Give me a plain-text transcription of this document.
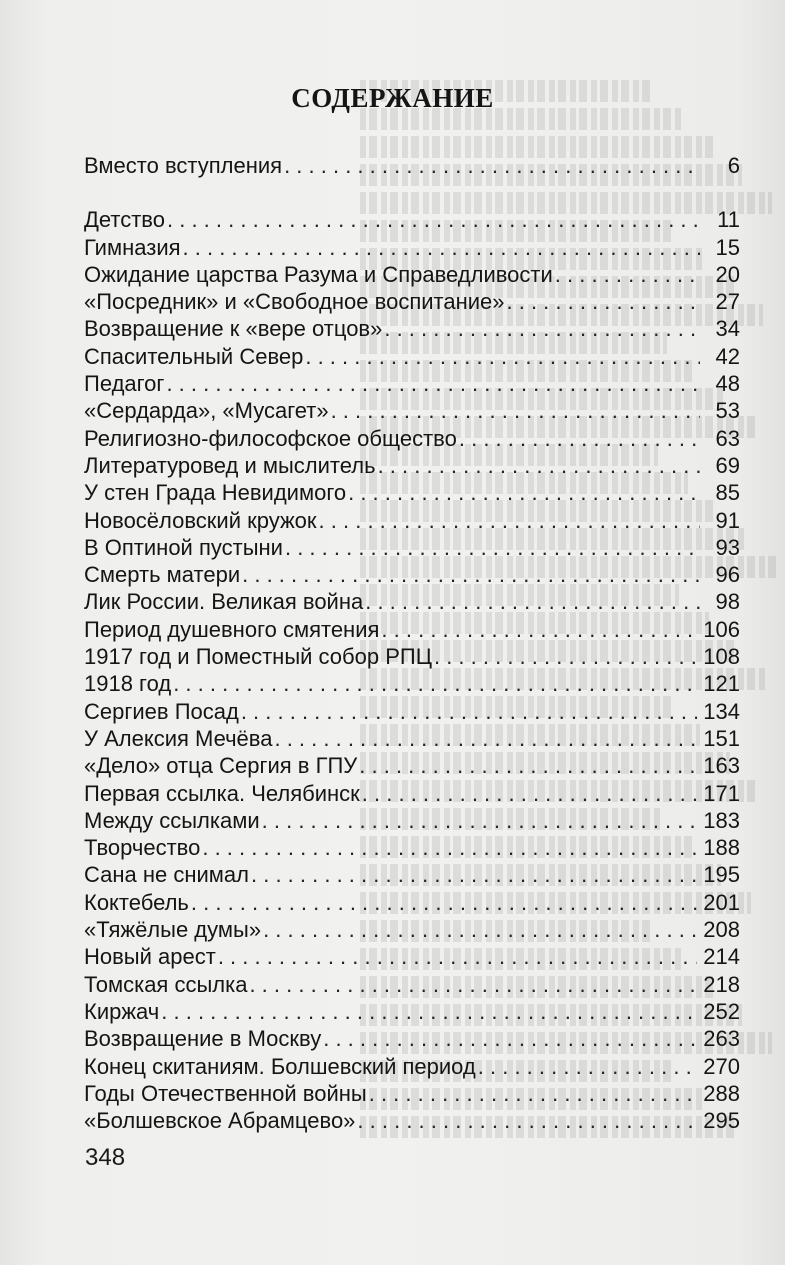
СОДЕРЖАНИЕ
Вместо вступления . . .	6
Детство . . .	11
Гимназия . . .	15
Ожидание царства Разума и Справедливости . . .	20
«Посредник» и «Свободное воспитание» . . .	27
Возвращение к «вере отцов» . . .	34
Спасительный Север . . .	42
Педагог . . .	48
«Сердарда», «Мусагет» . . .	53
Религиозно-философское общество . . .	63
Литературовед и мыслитель . . .	69
У стен Града Невидимого . . .	85
Новосёловский кружок . . .	91
В Оптиной пустыни . . .	93
Смерть матери . . .	96
Лик России. Великая война . . .	98
Период душевного смятения . . .	106
1917 год и Поместный собор РПЦ . . .	108
1918 год . . .	121
Сергиев Посад . . .	134
У Алексия Мечёва . . .	151
«Дело» отца Сергия в ГПУ . . .	163
Первая ссылка. Челябинск . . .	171
Между ссылками . . .	183
Творчество . . .	188
Сана не снимал . . .	195
Коктебель . . .	201
«Тяжёлые думы» . . .	208
Новый арест . . .	214
Томская ссылка . . .	218
Киржач . . .	252
Возвращение в Москву . . .	263
Конец скитаниям. Болшевский период . . .	270
Годы Отечественной войны . . .	288
«Болшевское Абрамцево» . . .	295
348
